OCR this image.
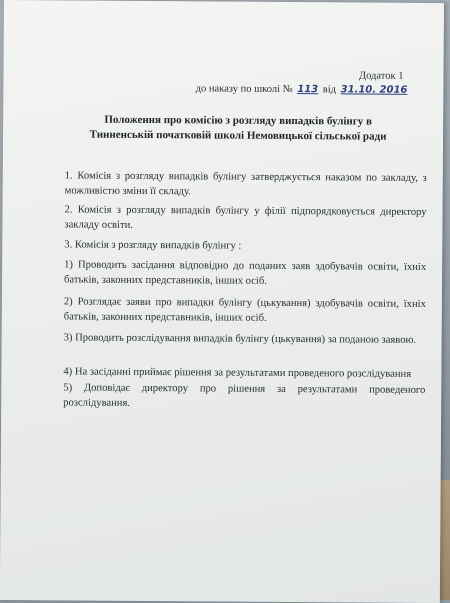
Додаток 1
до наказу по школі № 113 від 31.10. 2016
Положення про комісію з розгляду випадків булінгу в Тинненській початковій школі Немовицької сільської ради
1. Комісія з розгляду випадків булінгу затверджується наказом по закладу, з можливістю зміни її складу.
2. Комісія з розгляду випадків булінгу у філії підпорядковується директору закладу освіти.
3. Комісія з розгляду випадків булінгу :
1) Проводить засідання відповідно до поданих заяв здобувачів освіти, їхніх батьків, законних представників, інших осіб.
2) Розглядає заяви про випадки булінгу (цькування) здобувачів освіти, їхніх батьків, законних представників, інших осіб.
3) Проводить розслідування випадків булінгу (цькування) за поданою заявою.
4) На засіданні приймає рішення за результатами проведеного розслідування
5) Доповідає директору про рішення за результатами проведеного розслідування.
